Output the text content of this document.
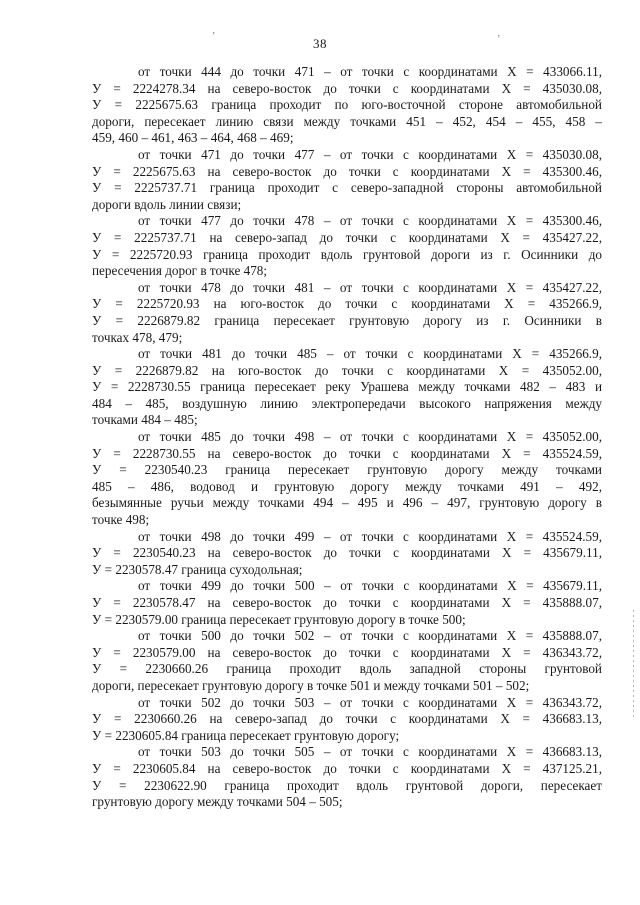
’	’
38
от точки 444 до точки 471 – от точки с координатами Х = 433066.11,
У = 2224278.34 на северо-восток до точки с координатами Х = 435030.08,
У = 2225675.63 граница проходит по юго-восточной стороне автомобильной
дороги, пересекает линию связи между точками 451 – 452, 454 – 455, 458 –
459, 460 – 461, 463 – 464, 468 – 469;
от точки 471 до точки 477 – от точки с координатами Х = 435030.08,
У = 2225675.63 на северо-восток до точки с координатами Х = 435300.46,
У = 2225737.71 граница проходит с северо-западной стороны автомобильной
дороги вдоль линии связи;
от точки 477 до точки 478 – от точки с координатами Х = 435300.46,
У = 2225737.71 на северо-запад до точки с координатами Х = 435427.22,
У = 2225720.93 граница проходит вдоль грунтовой дороги из г. Осинники до
пересечения дорог в точке 478;
от точки 478 до точки 481 – от точки с координатами Х = 435427.22,
У = 2225720.93 на юго-восток до точки с координатами Х = 435266.9,
У = 2226879.82 граница пересекает грунтовую дорогу из г. Осинники в
точках 478, 479;
от точки 481 до точки 485 – от точки с координатами Х = 435266.9,
У = 2226879.82 на юго-восток до точки с координатами Х = 435052.00,
У = 2228730.55 граница пересекает реку Урашева между точками 482 – 483 и
484 – 485, воздушную линию электропередачи высокого напряжения между
точками 484 – 485;
от точки 485 до точки 498 – от точки с координатами Х = 435052.00,
У = 2228730.55 на северо-восток до точки с координатами Х = 435524.59,
У = 2230540.23 граница пересекает грунтовую дорогу между точками
485 – 486, водовод и грунтовую дорогу между точками 491 – 492,
безымянные ручьи между точками 494 – 495 и 496 – 497, грунтовую дорогу в
точке 498;
от точки 498 до точки 499 – от точки с координатами Х = 435524.59,
У = 2230540.23 на северо-восток до точки с координатами Х = 435679.11,
У = 2230578.47 граница суходольная;
от точки 499 до точки 500 – от точки с координатами Х = 435679.11,
У = 2230578.47 на северо-восток до точки с координатами Х = 435888.07,
У = 2230579.00 граница пересекает грунтовую дорогу в точке 500;
от точки 500 до точки 502 – от точки с координатами Х = 435888.07,
У = 2230579.00 на северо-восток до точки с координатами Х = 436343.72,
У = 2230660.26 граница проходит вдоль западной стороны грунтовой
дороги, пересекает грунтовую дорогу в точке 501 и между точками 501 – 502;
от точки 502 до точки 503 – от точки с координатами Х = 436343.72,
У = 2230660.26 на северо-запад до точки с координатами Х = 436683.13,
У = 2230605.84 граница пересекает грунтовую дорогу;
от точки 503 до точки 505 – от точки с координатами Х = 436683.13,
У = 2230605.84 на северо-восток до точки с координатами Х = 437125.21,
У = 2230622.90 граница проходит вдоль грунтовой дороги, пересекает
грунтовую дорогу между точками 504 – 505;
